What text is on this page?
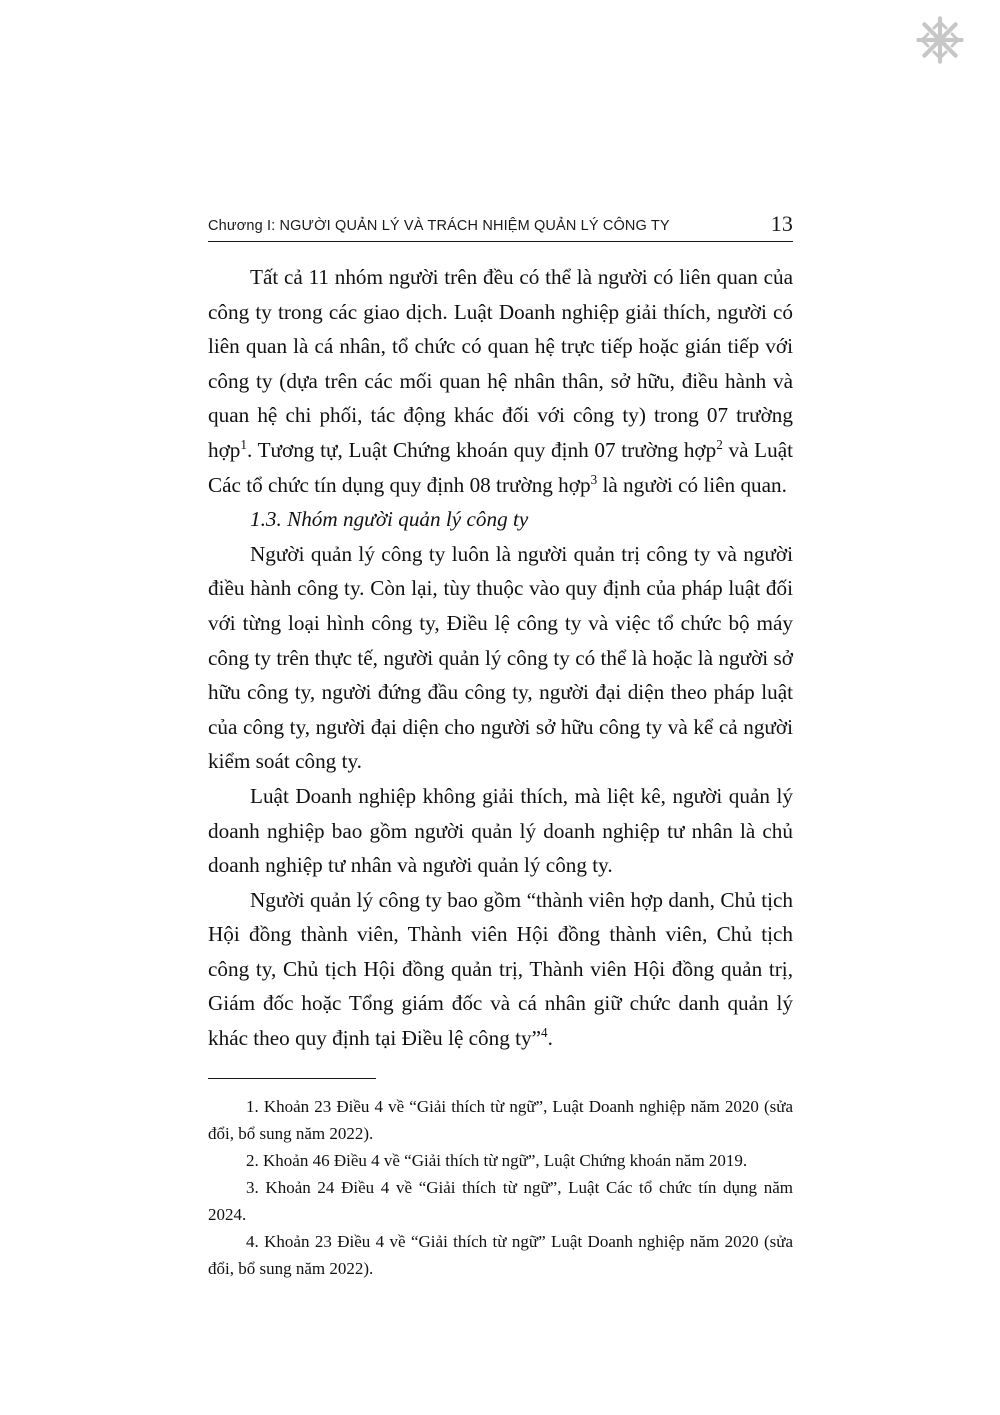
Chương I: NGƯỜI QUẢN LÝ VÀ TRÁCH NHIỆM QUẢN LÝ CÔNG TY	13

Tất cả 11 nhóm người trên đều có thể là người có liên quan của công ty trong các giao dịch. Luật Doanh nghiệp giải thích, người có liên quan là cá nhân, tổ chức có quan hệ trực tiếp hoặc gián tiếp với công ty (dựa trên các mối quan hệ nhân thân, sở hữu, điều hành và quan hệ chi phối, tác động khác đối với công ty) trong 07 trường hợp$^1$. Tương tự, Luật Chứng khoán quy định 07 trường hợp$^2$ và Luật Các tổ chức tín dụng quy định 08 trường hợp$^3$ là người có liên quan.

1.3. Nhóm người quản lý công ty

Người quản lý công ty luôn là người quản trị công ty và người điều hành công ty. Còn lại, tùy thuộc vào quy định của pháp luật đối với từng loại hình công ty, Điều lệ công ty và việc tổ chức bộ máy công ty trên thực tế, người quản lý công ty có thể là hoặc là người sở hữu công ty, người đứng đầu công ty, người đại diện theo pháp luật của công ty, người đại diện cho người sở hữu công ty và kể cả người kiểm soát công ty.

Luật Doanh nghiệp không giải thích, mà liệt kê, người quản lý doanh nghiệp bao gồm người quản lý doanh nghiệp tư nhân là chủ doanh nghiệp tư nhân và người quản lý công ty.

Người quản lý công ty bao gồm “thành viên hợp danh, Chủ tịch Hội đồng thành viên, Thành viên Hội đồng thành viên, Chủ tịch công ty, Chủ tịch Hội đồng quản trị, Thành viên Hội đồng quản trị, Giám đốc hoặc Tổng giám đốc và cá nhân giữ chức danh quản lý khác theo quy định tại Điều lệ công ty”$^4$.

1. Khoản 23 Điều 4 về “Giải thích từ ngữ”, Luật Doanh nghiệp năm 2020 (sửa đổi, bổ sung năm 2022).

2. Khoản 46 Điều 4 về “Giải thích từ ngữ”, Luật Chứng khoán năm 2019.

3. Khoản 24 Điều 4 về “Giải thích từ ngữ”, Luật Các tổ chức tín dụng năm 2024.

4. Khoản 23 Điều 4 về “Giải thích từ ngữ” Luật Doanh nghiệp năm 2020 (sửa đổi, bổ sung năm 2022).
